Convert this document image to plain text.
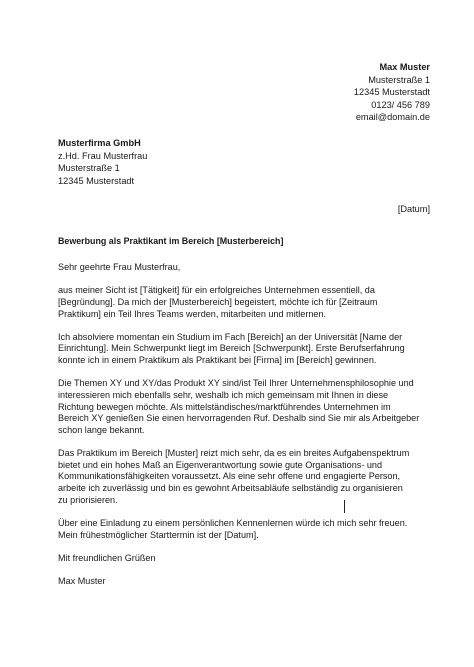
Max Muster
Musterstraße 1
12345 Musterstadt
0123/ 456 789
email@domain.de
Musterfirma GmbH
z.Hd. Frau Musterfrau
Musterstraße 1
12345 Musterstadt
[Datum]
Bewerbung als Praktikant im Bereich [Musterbereich]

Sehr geehrte Frau Musterfrau,

aus meiner Sicht ist [Tätigkeit] für ein erfolgreiches Unternehmen essentiell, da
[Begründung]. Da mich der [Musterbereich] begeistert, möchte ich für [Zeitraum
Praktikum] ein Teil Ihres Teams werden, mitarbeiten und mitlernen.

Ich absolviere momentan ein Studium im Fach [Bereich] an der Universität [Name der
Einrichtung]. Mein Schwerpunkt liegt im Bereich [Schwerpunkt]. Erste Berufserfahrung
konnte ich in einem Praktikum als Praktikant bei [Firma] im [Bereich] gewinnen.

Die Themen XY und XY/das Produkt XY sind/ist Teil Ihrer Unternehmensphilosophie und
interessieren mich ebenfalls sehr, weshalb ich mich gemeinsam mit Ihnen in diese
Richtung bewegen möchte. Als mittelständisches/marktführendes Unternehmen im
Bereich XY genießen Sie einen hervorragenden Ruf. Deshalb sind Sie mir als Arbeitgeber
schon lange bekannt.

Das Praktikum im Bereich [Muster] reizt mich sehr, da es ein breites Aufgabenspektrum
bietet und ein hohes Maß an Eigenverantwortung sowie gute Organisations- und
Kommunikationsfähigkeiten voraussetzt. Als eine sehr offene und engagierte Person,
arbeite ich zuverlässig und bin es gewohnt Arbeitsabläufe selbständig zu organisieren
zu priorisieren.

Über eine Einladung zu einem persönlichen Kennenlernen würde ich mich sehr freuen.
Mein frühestmöglicher Starttermin ist der [Datum].

Mit freundlichen Grüßen

Max Muster
